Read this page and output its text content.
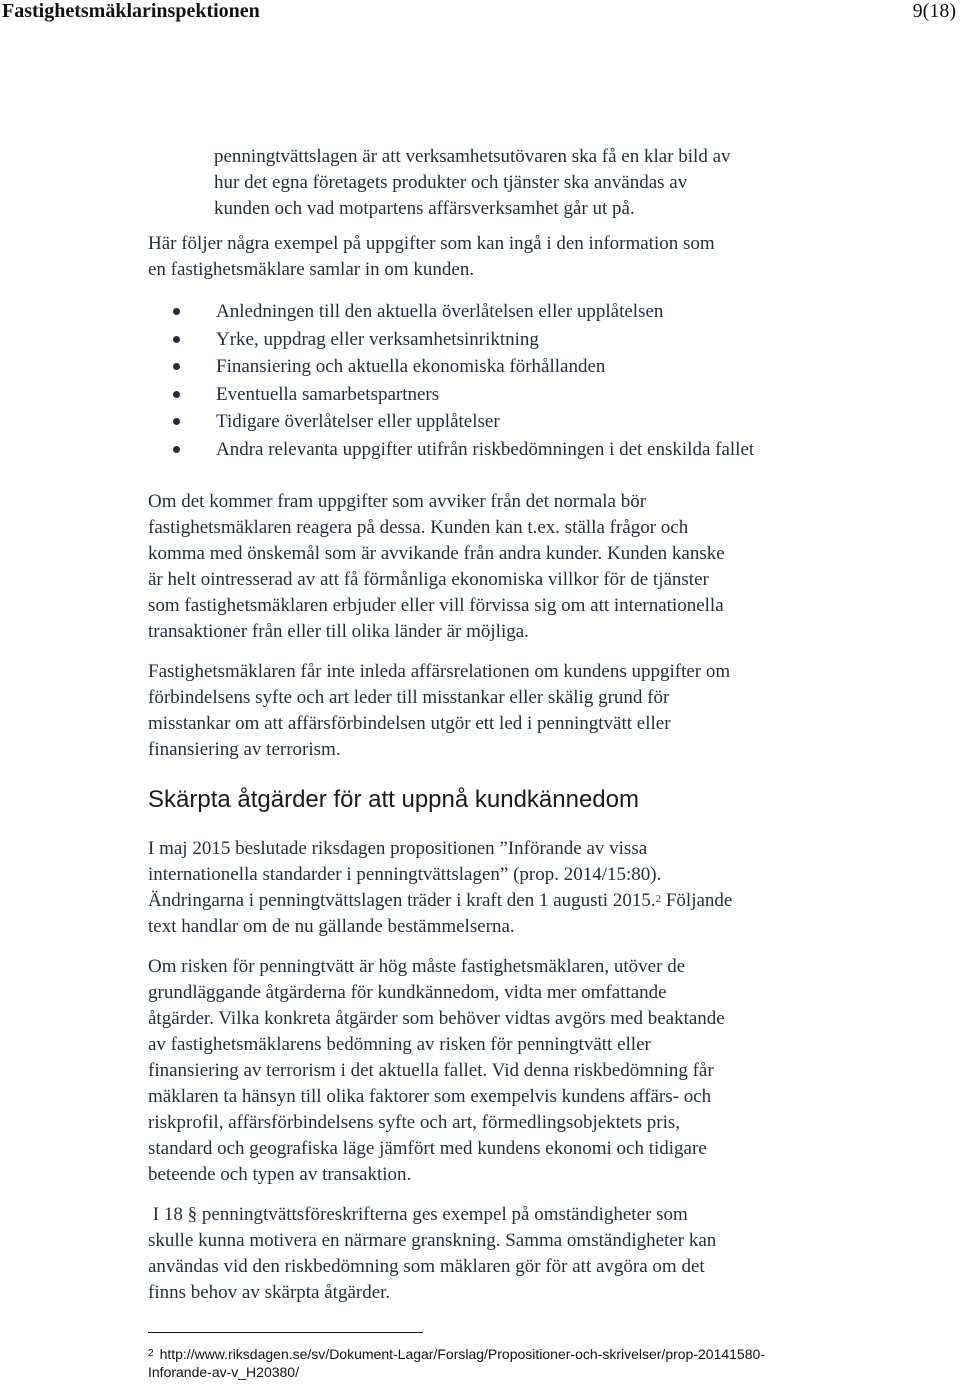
Fastighetsmäklarinspektionen	9(18)
penningtvättslagen är att verksamhetsutövaren ska få en klar bild av
hur det egna företagets produkter och tjänster ska användas av
kunden och vad motpartens affärsverksamhet går ut på.
Här följer några exempel på uppgifter som kan ingå i den information som
en fastighetsmäklare samlar in om kunden.
Anledningen till den aktuella överlåtelsen eller upplåtelsen
Yrke, uppdrag eller verksamhetsinriktning
Finansiering och aktuella ekonomiska förhållanden
Eventuella samarbetspartners
Tidigare överlåtelser eller upplåtelser
Andra relevanta uppgifter utifrån riskbedömningen i det enskilda fallet
Om det kommer fram uppgifter som avviker från det normala bör
fastighetsmäklaren reagera på dessa. Kunden kan t.ex. ställa frågor och
komma med önskemål som är avvikande från andra kunder. Kunden kanske
är helt ointresserad av att få förmånliga ekonomiska villkor för de tjänster
som fastighetsmäklaren erbjuder eller vill förvissa sig om att internationella
transaktioner från eller till olika länder är möjliga.
Fastighetsmäklaren får inte inleda affärsrelationen om kundens uppgifter om
förbindelsens syfte och art leder till misstankar eller skälig grund för
misstankar om att affärsförbindelsen utgör ett led i penningtvätt eller
finansiering av terrorism.
Skärpta åtgärder för att uppnå kundkännedom
I maj 2015 beslutade riksdagen propositionen ”Införande av vissa
internationella standarder i penningtvättslagen” (prop. 2014/15:80).
Ändringarna i penningtvättslagen träder i kraft den 1 augusti 2015.$^2$ Följande
text handlar om de nu gällande bestämmelserna.
Om risken för penningtvätt är hög måste fastighetsmäklaren, utöver de
grundläggande åtgärderna för kundkännedom, vidta mer omfattande
åtgärder. Vilka konkreta åtgärder som behöver vidtas avgörs med beaktande
av fastighetsmäklarens bedömning av risken för penningtvätt eller
finansiering av terrorism i det aktuella fallet. Vid denna riskbedömning får
mäklaren ta hänsyn till olika faktorer som exempelvis kundens affärs- och
riskprofil, affärsförbindelsens syfte och art, förmedlingsobjektets pris,
standard och geografiska läge jämfört med kundens ekonomi och tidigare
beteende och typen av transaktion.
I 18 § penningtvättsföreskrifterna ges exempel på omständigheter som
skulle kunna motivera en närmare granskning. Samma omständigheter kan
användas vid den riskbedömning som mäklaren gör för att avgöra om det
finns behov av skärpta åtgärder.
$^2$ http://www.riksdagen.se/sv/Dokument-Lagar/Forslag/Propositioner-och-skrivelser/prop-20141580-
Inforande-av-v_H20380/
